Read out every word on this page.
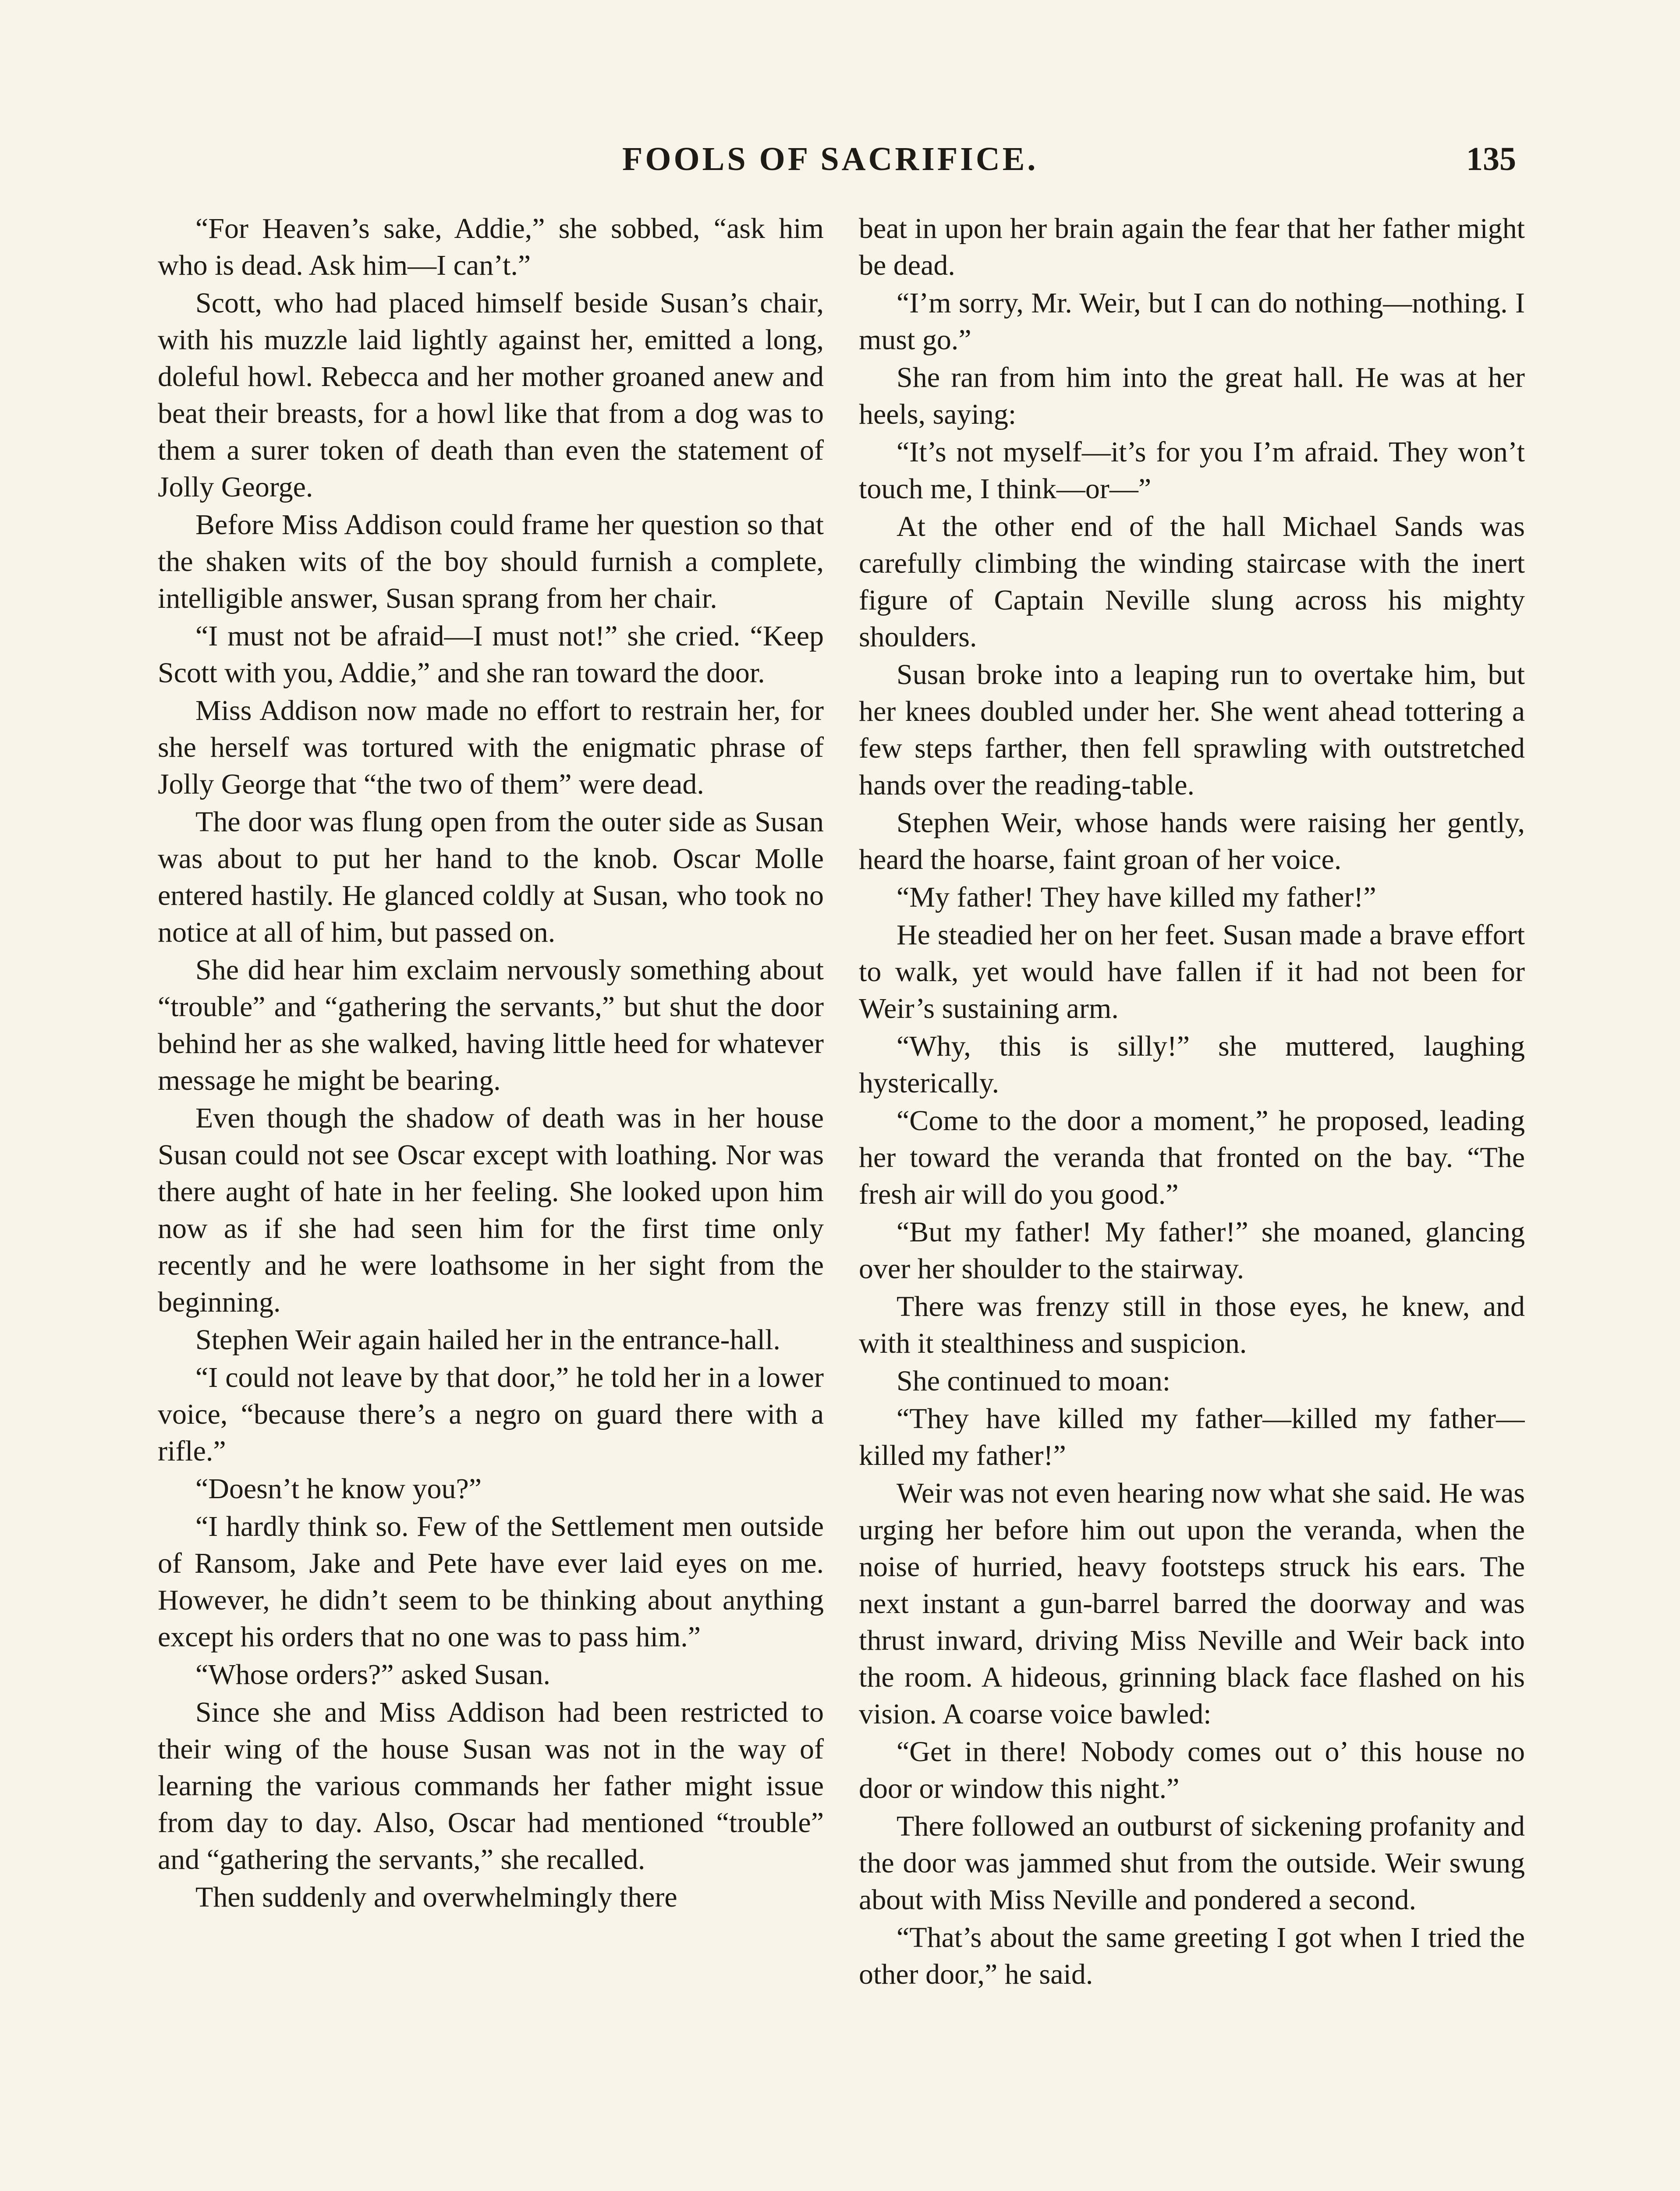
FOOLS OF SACRIFICE.	135

“For Heaven’s sake, Addie,” she sobbed, “ask him who is dead. Ask him—I can’t.”

Scott, who had placed himself beside Susan’s chair, with his muzzle laid lightly against her, emitted a long, doleful howl. Rebecca and her mother groaned anew and beat their breasts, for a howl like that from a dog was to them a surer token of death than even the statement of Jolly George.

Before Miss Addison could frame her question so that the shaken wits of the boy should furnish a complete, intelligible answer, Susan sprang from her chair.

“I must not be afraid—I must not!” she cried. “Keep Scott with you, Addie,” and she ran toward the door.

Miss Addison now made no effort to restrain her, for she herself was tortured with the enigmatic phrase of Jolly George that “the two of them” were dead.

The door was flung open from the outer side as Susan was about to put her hand to the knob. Oscar Molle entered hastily. He glanced coldly at Susan, who took no notice at all of him, but passed on.

She did hear him exclaim nervously something about “trouble” and “gathering the servants,” but shut the door behind her as she walked, having little heed for whatever message he might be bearing.

Even though the shadow of death was in her house Susan could not see Oscar except with loathing. Nor was there aught of hate in her feeling. She looked upon him now as if she had seen him for the first time only recently and he were loathsome in her sight from the beginning.

Stephen Weir again hailed her in the entrance-hall.

“I could not leave by that door,” he told her in a lower voice, “because there’s a negro on guard there with a rifle.”

“Doesn’t he know you?”

“I hardly think so. Few of the Settlement men outside of Ransom, Jake and Pete have ever laid eyes on me. However, he didn’t seem to be thinking about anything except his orders that no one was to pass him.”

“Whose orders?” asked Susan.

Since she and Miss Addison had been restricted to their wing of the house Susan was not in the way of learning the various commands her father might issue from day to day. Also, Oscar had mentioned “trouble” and “gathering the servants,” she recalled.

Then suddenly and overwhelmingly there

beat in upon her brain again the fear that her father might be dead.

“I’m sorry, Mr. Weir, but I can do nothing—nothing. I must go.”

She ran from him into the great hall. He was at her heels, saying:

“It’s not myself—it’s for you I’m afraid. They won’t touch me, I think—or—”

At the other end of the hall Michael Sands was carefully climbing the winding staircase with the inert figure of Captain Neville slung across his mighty shoulders.

Susan broke into a leaping run to overtake him, but her knees doubled under her. She went ahead tottering a few steps farther, then fell sprawling with outstretched hands over the reading-table.

Stephen Weir, whose hands were raising her gently, heard the hoarse, faint groan of her voice.

“My father! They have killed my father!”

He steadied her on her feet. Susan made a brave effort to walk, yet would have fallen if it had not been for Weir’s sustaining arm.

“Why, this is silly!” she muttered, laughing hysterically.

“Come to the door a moment,” he proposed, leading her toward the veranda that fronted on the bay. “The fresh air will do you good.”

“But my father! My father!” she moaned, glancing over her shoulder to the stairway.

There was frenzy still in those eyes, he knew, and with it stealthiness and suspicion.

She continued to moan:

“They have killed my father—killed my father—killed my father!”

Weir was not even hearing now what she said. He was urging her before him out upon the veranda, when the noise of hurried, heavy footsteps struck his ears. The next instant a gun-barrel barred the doorway and was thrust inward, driving Miss Neville and Weir back into the room. A hideous, grinning black face flashed on his vision. A coarse voice bawled:

“Get in there! Nobody comes out o’ this house no door or window this night.”

There followed an outburst of sickening profanity and the door was jammed shut from the outside. Weir swung about with Miss Neville and pondered a second.

“That’s about the same greeting I got when I tried the other door,” he said.
